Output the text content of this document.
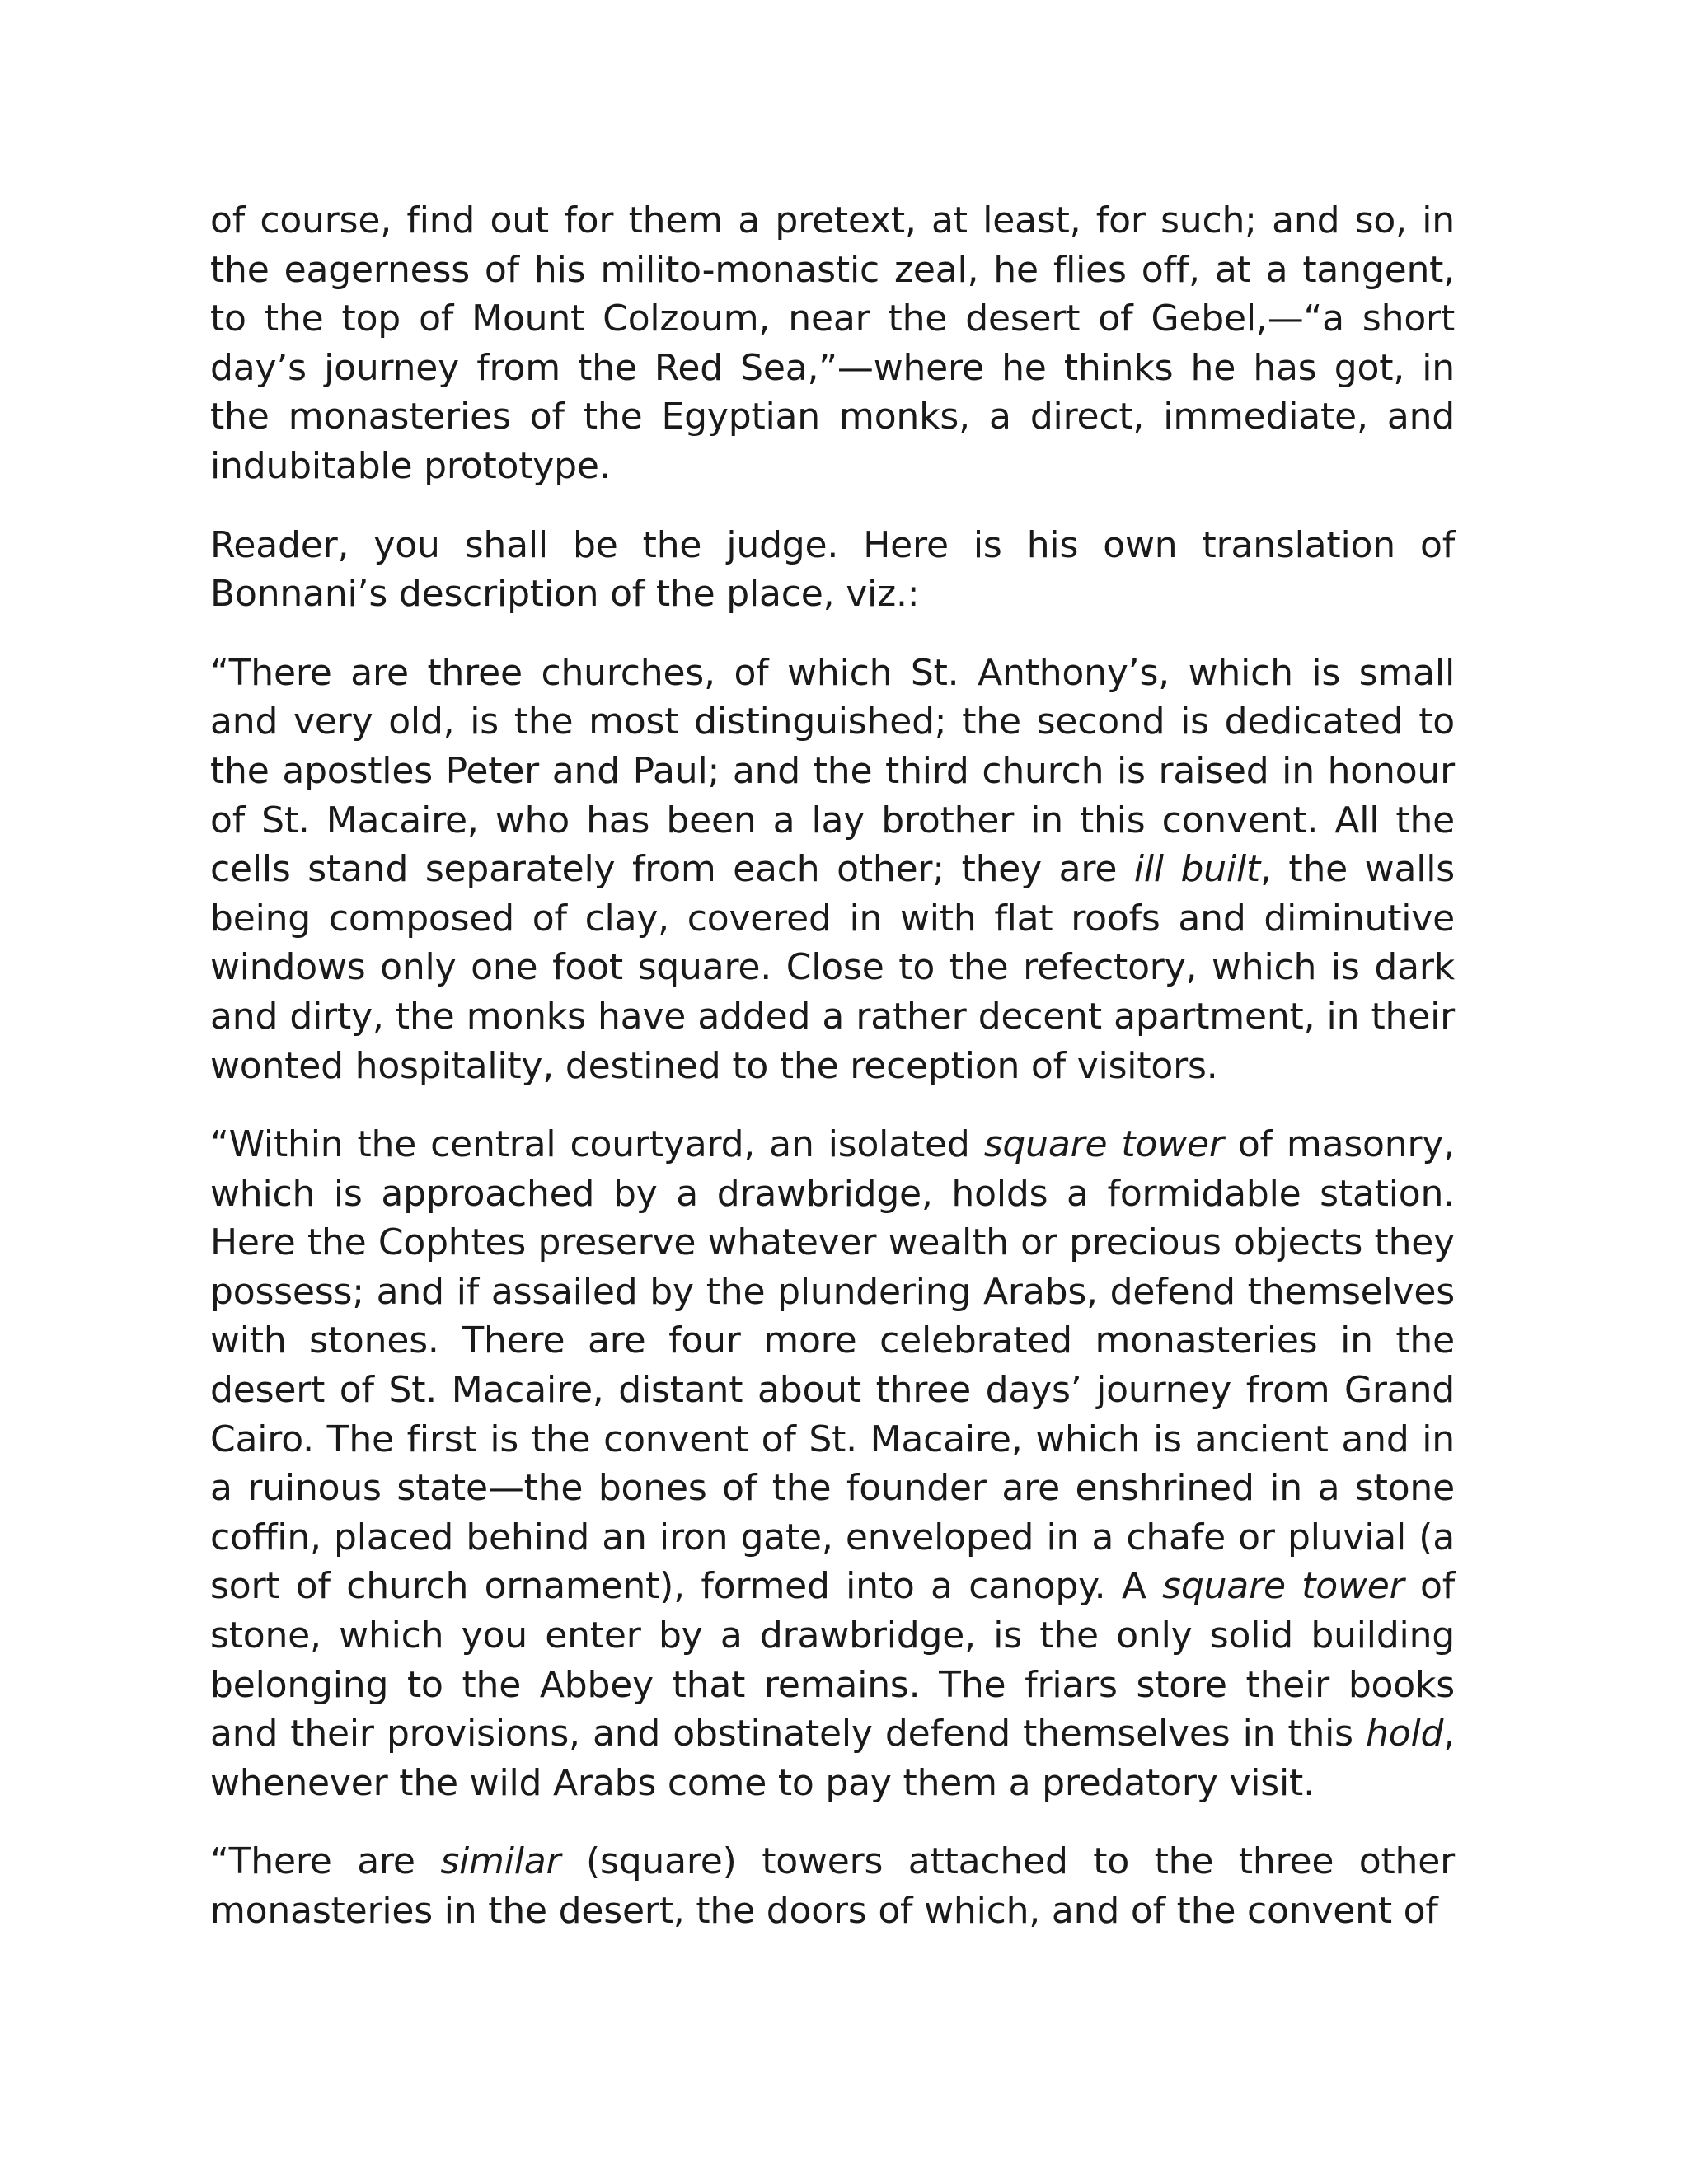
of course, find out for them a pretext, at least, for such; and so, in the eagerness of his milito-monastic zeal, he flies off, at a tangent, to the top of Mount Colzoum, near the desert of Gebel,—“a short day’s journey from the Red Sea,”—where he thinks he has got, in the monasteries of the Egyptian monks, a direct, immediate, and indubitable prototype.

Reader, you shall be the judge. Here is his own translation of Bonnani’s description of the place, viz.:

“There are three churches, of which St. Anthony’s, which is small and very old, is the most distinguished; the second is dedicated to the apostles Peter and Paul; and the third church is raised in honour of St. Macaire, who has been a lay brother in this convent. All the cells stand separately from each other; they are ill built, the walls being composed of clay, covered in with flat roofs and diminutive windows only one foot square. Close to the refectory, which is dark and dirty, the monks have added a rather decent apartment, in their wonted hospitality, destined to the reception of visitors.

“Within the central courtyard, an isolated square tower of masonry, which is approached by a drawbridge, holds a formidable station. Here the Cophtes preserve whatever wealth or precious objects they possess; and if assailed by the plundering Arabs, defend themselves with stones. There are four more celebrated monasteries in the desert of St. Macaire, distant about three days’ journey from Grand Cairo. The first is the convent of St. Macaire, which is ancient and in a ruinous state—the bones of the founder are enshrined in a stone coffin, placed behind an iron gate, enveloped in a chafe or pluvial (a sort of church ornament), formed into a canopy. A square tower of stone, which you enter by a drawbridge, is the only solid building belonging to the Abbey that remains. The friars store their books and their provisions, and obstinately defend themselves in this hold, whenever the wild Arabs come to pay them a predatory visit.

“There are similar (square) towers attached to the three other monasteries in the desert, the doors of which, and of the convent of
